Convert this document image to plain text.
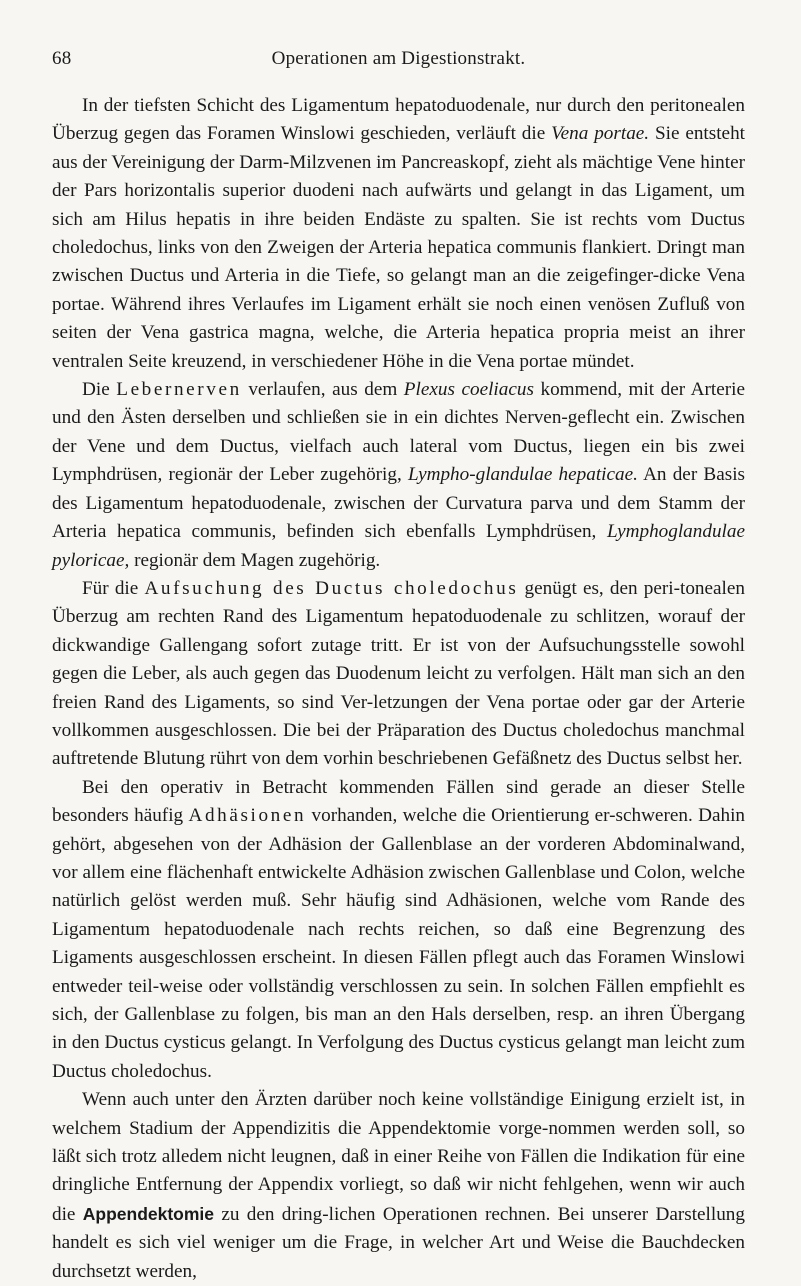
68	Operationen am Digestionstrakt.

In der tiefsten Schicht des Ligamentum hepatoduodenale, nur durch den peritonealen Überzug gegen das Foramen Winslowi geschieden, verläuft die Vena portae. Sie entsteht aus der Vereinigung der Darm-Milzvenen im Pancreaskopf, zieht als mächtige Vene hinter der Pars horizontalis superior duodeni nach aufwärts und gelangt in das Ligament, um sich am Hilus hepatis in ihre beiden Endäste zu spalten. Sie ist rechts vom Ductus choledochus, links von den Zweigen der Arteria hepatica communis flankiert. Dringt man zwischen Ductus und Arteria in die Tiefe, so gelangt man an die zeigefinger-dicke Vena portae. Während ihres Verlaufes im Ligament erhält sie noch einen venösen Zufluß von seiten der Vena gastrica magna, welche, die Arteria hepatica propria meist an ihrer ventralen Seite kreuzend, in verschiedener Höhe in die Vena portae mündet.

Die Lebernerven verlaufen, aus dem Plexus coeliacus kommend, mit der Arterie und den Ästen derselben und schließen sie in ein dichtes Nerven-geflecht ein. Zwischen der Vene und dem Ductus, vielfach auch lateral vom Ductus, liegen ein bis zwei Lymphdrüsen, regionär der Leber zugehörig, Lympho-glandulae hepaticae. An der Basis des Ligamentum hepatoduodenale, zwischen der Curvatura parva und dem Stamm der Arteria hepatica communis, befinden sich ebenfalls Lymphdrüsen, Lymphoglandulae pyloricae, regionär dem Magen zugehörig.

Für die Aufsuchung des Ductus choledochus genügt es, den peri-tonealen Überzug am rechten Rand des Ligamentum hepatoduodenale zu schlitzen, worauf der dickwandige Gallengang sofort zutage tritt. Er ist von der Aufsuchungsstelle sowohl gegen die Leber, als auch gegen das Duodenum leicht zu verfolgen. Hält man sich an den freien Rand des Ligaments, so sind Ver-letzungen der Vena portae oder gar der Arterie vollkommen ausgeschlossen. Die bei der Präparation des Ductus choledochus manchmal auftretende Blutung rührt von dem vorhin beschriebenen Gefäßnetz des Ductus selbst her.

Bei den operativ in Betracht kommenden Fällen sind gerade an dieser Stelle besonders häufig Adhäsionen vorhanden, welche die Orientierung er-schweren. Dahin gehört, abgesehen von der Adhäsion der Gallenblase an der vorderen Abdominalwand, vor allem eine flächenhaft entwickelte Adhäsion zwischen Gallenblase und Colon, welche natürlich gelöst werden muß. Sehr häufig sind Adhäsionen, welche vom Rande des Ligamentum hepatoduodenale nach rechts reichen, so daß eine Begrenzung des Ligaments ausgeschlossen erscheint. In diesen Fällen pflegt auch das Foramen Winslowi entweder teil-weise oder vollständig verschlossen zu sein. In solchen Fällen empfiehlt es sich, der Gallenblase zu folgen, bis man an den Hals derselben, resp. an ihren Übergang in den Ductus cysticus gelangt. In Verfolgung des Ductus cysticus gelangt man leicht zum Ductus choledochus.

Wenn auch unter den Ärzten darüber noch keine vollständige Einigung erzielt ist, in welchem Stadium der Appendizitis die Appendektomie vorge-nommen werden soll, so läßt sich trotz alledem nicht leugnen, daß in einer Reihe von Fällen die Indikation für eine dringliche Entfernung der Appendix vorliegt, so daß wir nicht fehlgehen, wenn wir auch die Appendektomie zu den dring-lichen Operationen rechnen. Bei unserer Darstellung handelt es sich viel weniger um die Frage, in welcher Art und Weise die Bauchdecken durchsetzt werden,
